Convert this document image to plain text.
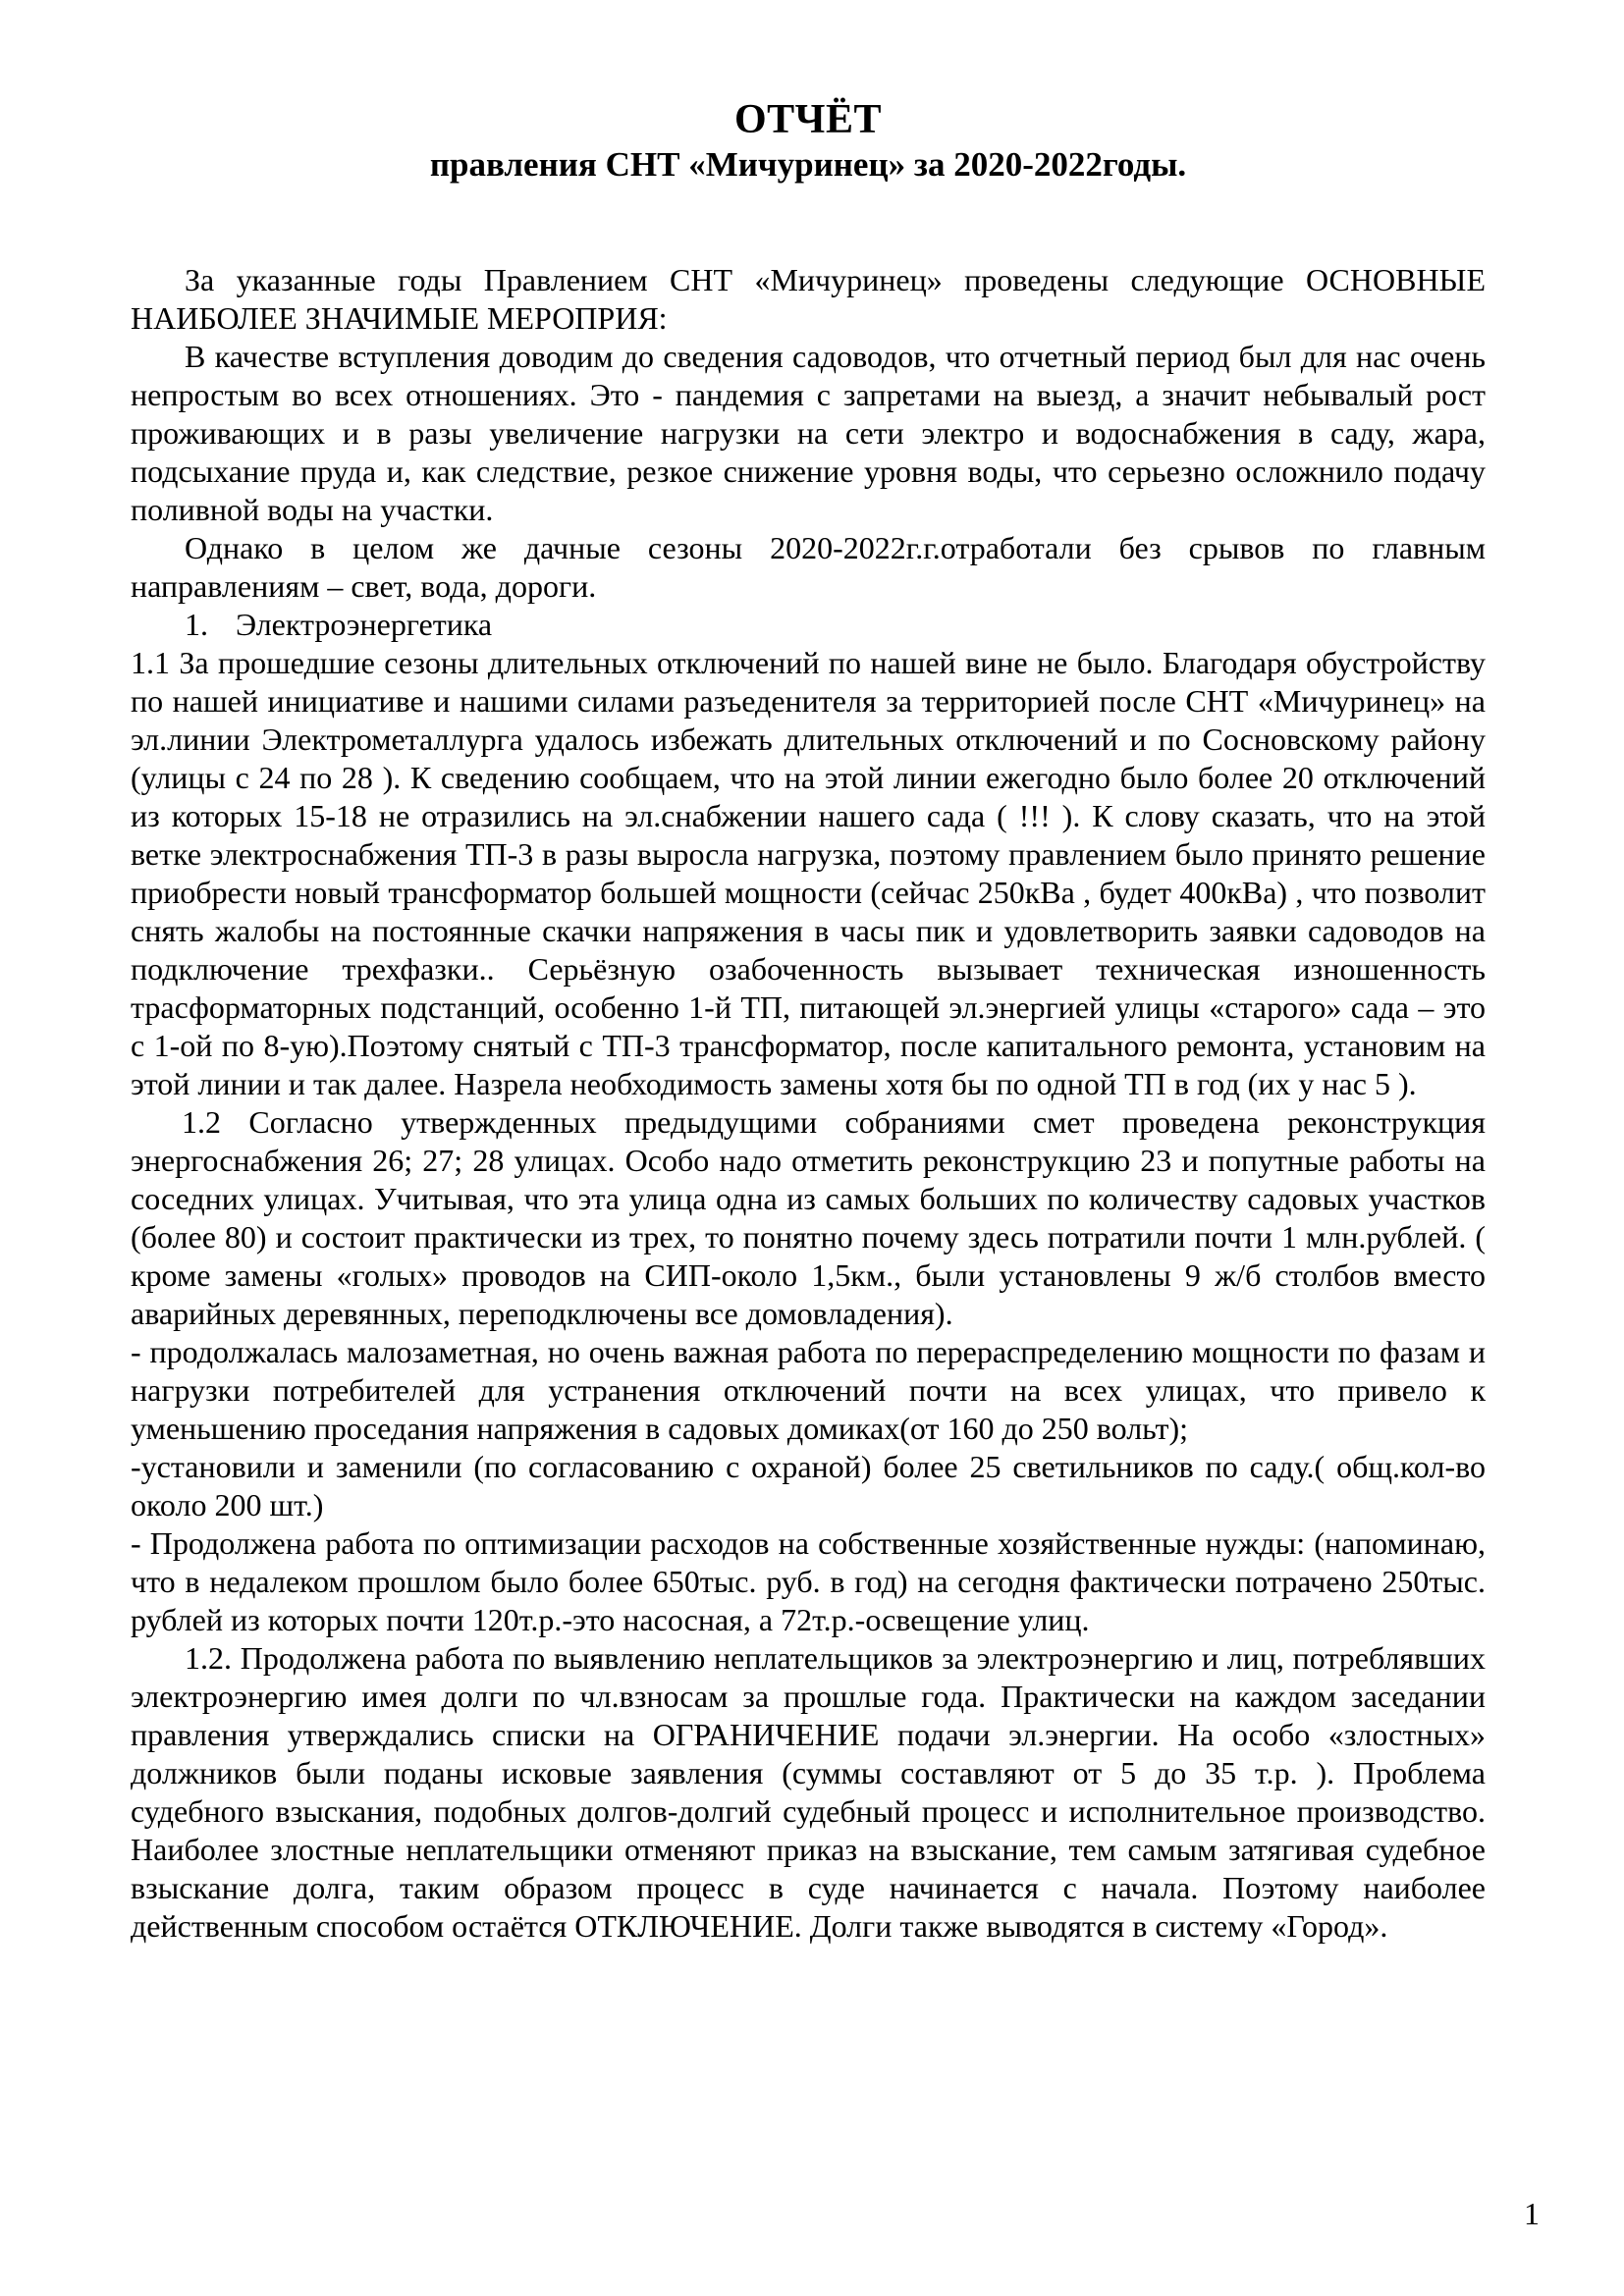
ОТЧЁТ
правления СНТ «Мичуринец» за 2020-2022годы.

За указанные годы Правлением СНТ «Мичуринец» проведены следующие ОСНОВНЫЕ НАИБОЛЕЕ ЗНАЧИМЫЕ МЕРОПРИЯ:

В качестве вступления доводим до сведения садоводов, что отчетный период был для нас очень непростым во всех отношениях. Это - пандемия с запретами на выезд, а значит небывалый рост проживающих и в разы увеличение нагрузки на сети электро и водоснабжения в саду, жара, подсыхание пруда и, как следствие, резкое снижение уровня воды, что серьезно осложнило подачу поливной воды на участки.

Однако в целом же дачные сезоны 2020-2022г.г.отработали без срывов по главным направлениям – свет, вода, дороги.

1. Электроэнергетика

1.1 За прошедшие сезоны длительных отключений по нашей вине не было. Благодаря обустройству по нашей инициативе и нашими силами разъеденителя за территорией после СНТ «Мичуринец» на эл.линии Электрометаллурга удалось избежать длительных отключений и по Сосновскому району (улицы с 24 по 28 ). К сведению сообщаем, что на этой линии ежегодно было более 20 отключений из которых 15-18 не отразились на эл.снабжении нашего сада ( !!! ). К слову сказать, что на этой ветке электроснабжения ТП-3 в разы выросла нагрузка, поэтому правлением было принято решение приобрести новый трансформатор большей мощности (сейчас 250кВа , будет 400кВа) , что позволит снять жалобы на постоянные скачки напряжения в часы пик и удовлетворить заявки садоводов на подключение трехфазки.. Серьёзную озабоченность вызывает техническая изношенность трасформаторных подстанций, особенно 1-й ТП, питающей эл.энергией улицы «старого» сада – это с 1-ой по 8-ую).Поэтому снятый с ТП-3 трансформатор, после капитального ремонта, установим на этой линии и так далее. Назрела необходимость замены хотя бы по одной ТП в год (их у нас 5 ).

1.2 Согласно утвержденных предыдущими собраниями смет проведена реконструкция энергоснабжения 26; 27; 28 улицах. Особо надо отметить реконструкцию 23 и попутные работы на соседних улицах. Учитывая, что эта улица одна из самых больших по количеству садовых участков (более 80) и состоит практически из трех, то понятно почему здесь потратили почти 1 млн.рублей. ( кроме замены «голых» проводов на СИП-около 1,5км., были установлены 9 ж/б столбов вместо аварийных деревянных, переподключены все домовладения).

- продолжалась малозаметная, но очень важная работа по перераспределению мощности по фазам и нагрузки потребителей для устранения отключений почти на всех улицах, что привело к уменьшению проседания напряжения в садовых домиках(от 160 до 250 вольт);

-установили и заменили (по согласованию с охраной) более 25 светильников по саду.( общ.кол-во около 200 шт.)

- Продолжена работа по оптимизации расходов на собственные хозяйственные нужды: (напоминаю, что в недалеком прошлом было более 650тыс. руб. в год) на сегодня фактически потрачено 250тыс. рублей из которых почти 120т.р.-это насосная, а 72т.р.-освещение улиц.

1.2. Продолжена работа по выявлению неплательщиков за электроэнергию и лиц, потреблявших электроэнергию имея долги по чл.взносам за прошлые года. Практически на каждом заседании правления утверждались списки на ОГРАНИЧЕНИЕ подачи эл.энергии. На особо «злостных» должников были поданы исковые заявления (суммы составляют от 5 до 35 т.р. ). Проблема судебного взыскания, подобных долгов-долгий судебный процесс и исполнительное производство. Наиболее злостные неплательщики отменяют приказ на взыскание, тем самым затягивая судебное взыскание долга, таким образом процесс в суде начинается с начала. Поэтому наиболее действенным способом остаётся ОТКЛЮЧЕНИЕ. Долги также выводятся в систему «Город».

1
